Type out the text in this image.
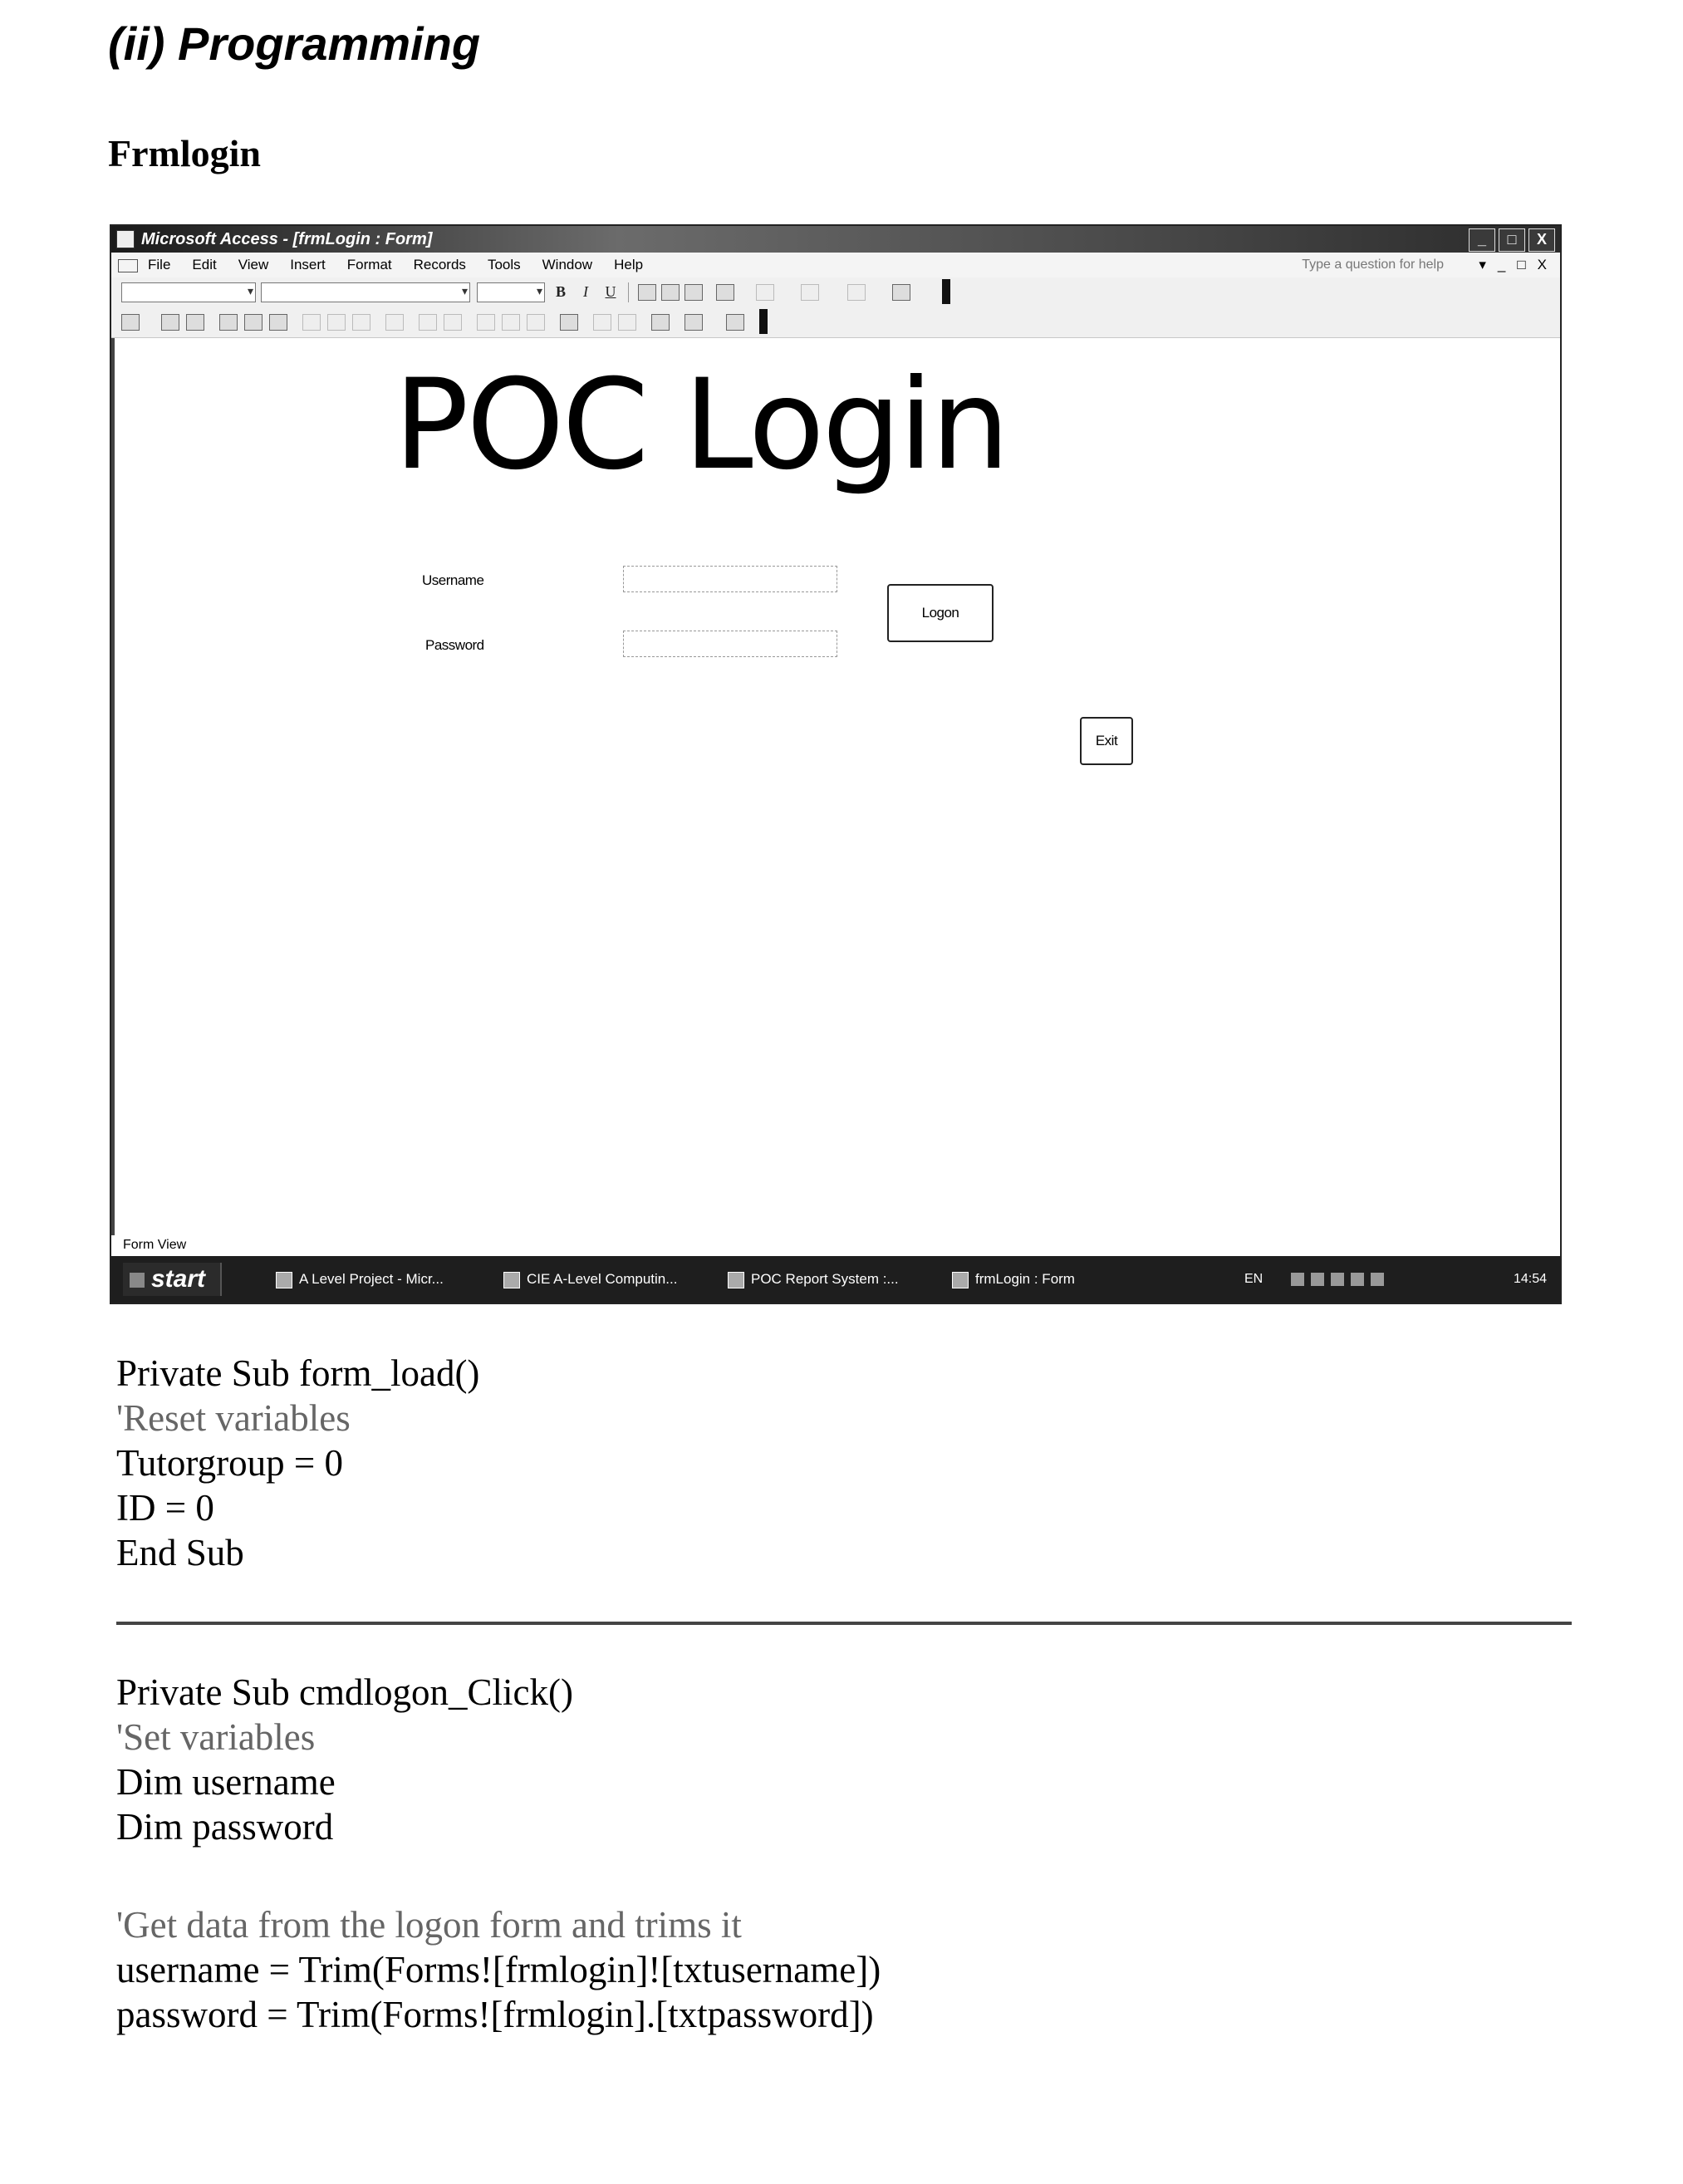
(ii) Programming
Frmlogin
Microsoft Access - [frmLogin : Form]	_	□	X
File Edit View Insert Format Records Tools Window Help	Type a question for help ▾ _ □ X
▾
▾
▾
B	I	U
POC Login
Username
Password
Logon
Exit
Form View
start	A Level Project - Micr...	CIE A-Level Computin...	POC Report System :...	frmLogin : Form	EN	14:54

Private Sub form_load()

'Reset variables

Tutorgroup = 0

ID = 0

End Sub

Private Sub cmdlogon_Click()

'Set variables

Dim username

Dim password

'Get data from the logon form and trims it

username = Trim(Forms![frmlogin]![txtusername])

password = Trim(Forms![frmlogin].[txtpassword])
